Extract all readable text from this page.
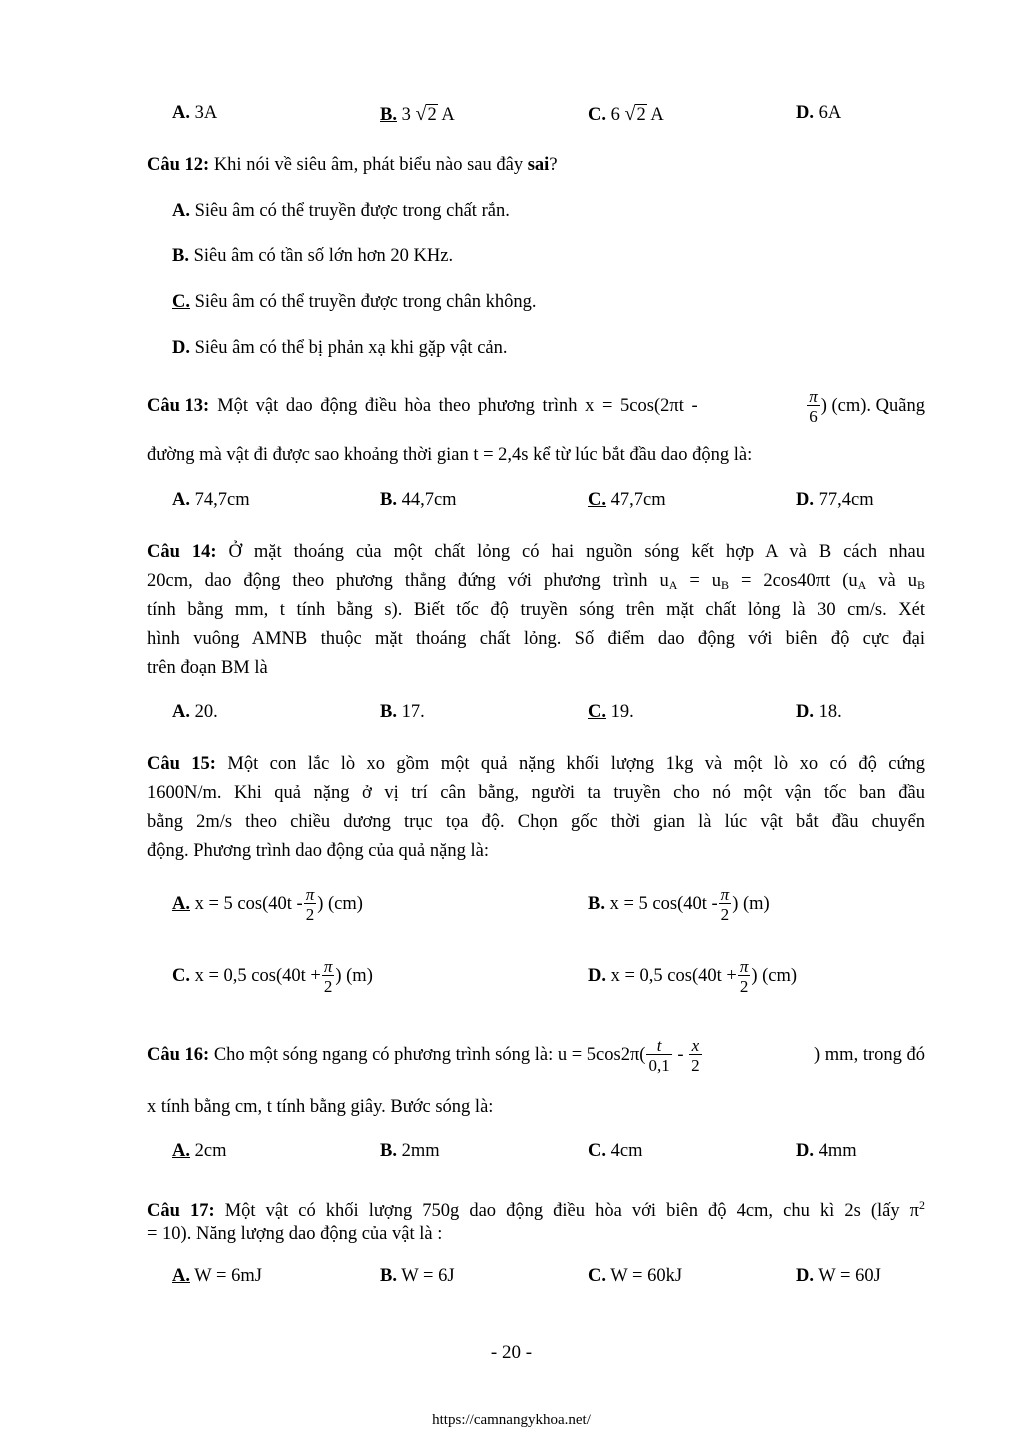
A. 3A	B. 3 √2 A	C. 6 √2 A	D. 6A
Câu 12: Khi nói về siêu âm, phát biểu nào sau đây sai?
A. Siêu âm có thể truyền được trong chất rắn.
B. Siêu âm có tần số lớn hơn 20 KHz.
C. Siêu âm có thể truyền được trong chân không.
D. Siêu âm có thể bị phản xạ khi gặp vật cản.
Câu 13: Một vật dao động điều hòa theo phương trình x = 5cos(2πt -	$\frac{\pi}{6}$ ) (cm). Quãng
đường mà vật đi được sao khoảng thời gian t = 2,4s kể từ lúc bắt đầu dao động là:
A. 74,7cm	B. 44,7cm	C. 47,7cm	D. 77,4cm
Câu 14: Ở mặt thoáng của một chất lỏng có hai nguồn sóng kết hợp A và B cách nhau
20cm, dao động theo phương thẳng đứng với phương trình $u_A = u_B = 2\cos 40\pi t$ ($u_A$ và $u_B$
tính bằng mm, t tính bằng s). Biết tốc độ truyền sóng trên mặt chất lỏng là 30 cm/s. Xét
hình vuông AMNB thuộc mặt thoáng chất lỏng. Số điểm dao động với biên độ cực đại
trên đoạn BM là
A. 20.	B. 17.	C. 19.	D. 18.
Câu 15: Một con lắc lò xo gồm một quả nặng khối lượng 1kg và một lò xo có độ cứng
1600N/m. Khi quả nặng ở vị trí cân bằng, người ta truyền cho nó một vận tốc ban đầu
bằng 2m/s theo chiều dương trục tọa độ. Chọn gốc thời gian là lúc vật bắt đầu chuyển
động. Phương trình dao động của quả nặng là:
A.
x = 5 $\cos(40t - \frac{\pi}{2}$ ) (cm)	B.
x = 5 $\cos(40t - \frac{\pi}{2}$ ) (m)
C.
x = 0,5 $\cos(40t + \frac{\pi}{2}$ ) (m)	D.
x = 0,5 $\cos(40t + \frac{\pi}{2}$ ) (cm)
Câu 16:
Cho một sóng ngang có phương trình sóng là: $u = 5\cos 2\pi( \frac{t}{0,1}$
-
$\frac{x}{2}$	) mm, trong đó
x tính bằng cm, t tính bằng giây. Bước sóng là:
A. 2cm	B. 2mm	C. 4cm	D. 4mm
Câu 17: Một vật có khối lượng 750g dao động điều hòa với biên độ 4cm, chu kì 2s (lấy $\pi^2$
= 10). Năng lượng dao động của vật là :
A. W = 6mJ	B. W = 6J	C. W = 60kJ	D. W = 60J
- 20 -
https://camnangykhoa.net/
